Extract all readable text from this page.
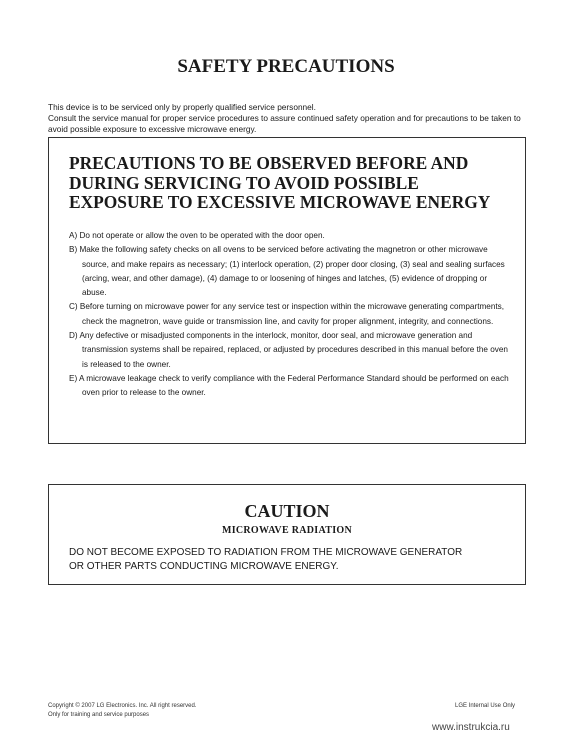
SAFETY PRECAUTIONS

This device is to be serviced only by properly qualified service personnel.

Consult the service manual for proper service procedures to assure continued safety operation and for precautions to be taken to avoid possible exposure to excessive microwave energy.

PRECAUTIONS TO BE OBSERVED BEFORE AND DURING SERVICING TO AVOID POSSIBLE EXPOSURE TO EXCESSIVE MICROWAVE ENERGY
A) Do not operate or allow the oven to be operated with the door open.
B) Make the following safety checks on all ovens to be serviced before activating the magnetron or other microwave source, and make repairs as necessary; (1) interlock operation, (2) proper door closing, (3) seal and sealing surfaces (arcing, wear, and other damage), (4) damage to or loosening of hinges and latches, (5) evidence of dropping or abuse.
C) Before turning on microwave power for any service test or inspection within the microwave generating compartments, check the magnetron, wave guide or transmission line, and cavity for proper alignment, integrity, and connections.
D) Any defective or misadjusted components in the interlock, monitor, door seal, and microwave generation and transmission systems shall be repaired, replaced, or adjusted by procedures described in this manual before the oven is released to the owner.
E) A microwave leakage check to verify compliance with the Federal Performance Standard should be performed on each oven prior to release to the owner.
CAUTION
MICROWAVE RADIATION

DO NOT BECOME EXPOSED TO RADIATION FROM THE MICROWAVE GENERATOR

OR OTHER PARTS CONDUCTING MICROWAVE ENERGY.

Copyright © 2007 LG Electronics. Inc. All right reserved.

Only for training and service purposes

LGE Internal Use Only
www.instrukcia.ru
